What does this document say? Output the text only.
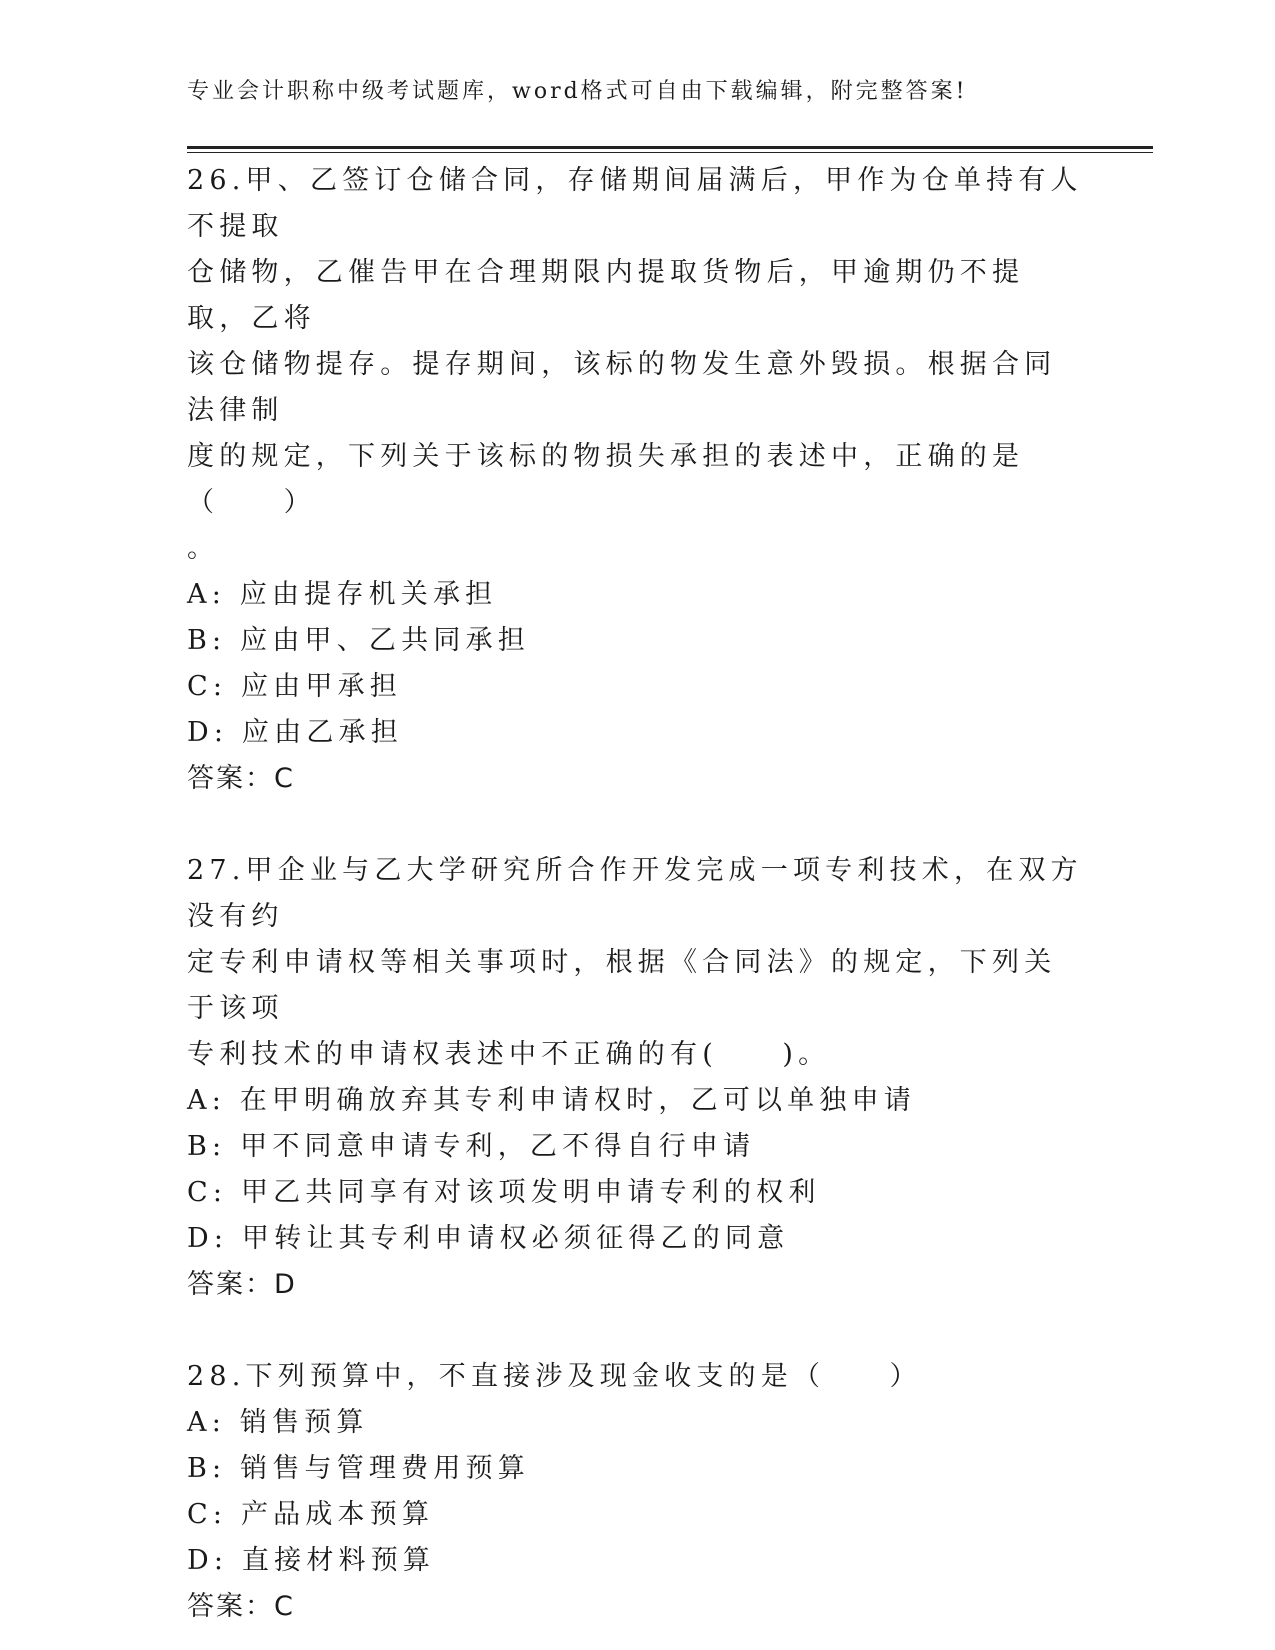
专业会计职称中级考试题库，word格式可自由下载编辑，附完整答案!

26.甲、乙签订仓储合同，存储期间届满后，甲作为仓单持有人不提取

仓储物，乙催告甲在合理期限内提取货物后，甲逾期仍不提取，乙将

该仓储物提存。提存期间，该标的物发生意外毁损。根据合同法律制

度的规定，下列关于该标的物损失承担的表述中，正确的是（　　）

。

A: 应由提存机关承担

B: 应由甲、乙共同承担

C: 应由甲承担

D: 应由乙承担

答案：C

27.甲企业与乙大学研究所合作开发完成一项专利技术，在双方没有约

定专利申请权等相关事项时，根据《合同法》的规定，下列关于该项

专利技术的申请权表述中不正确的有(　　)。

A: 在甲明确放弃其专利申请权时，乙可以单独申请

B: 甲不同意申请专利，乙不得自行申请

C: 甲乙共同享有对该项发明申请专利的权利

D: 甲转让其专利申请权必须征得乙的同意

答案：D

28.下列预算中，不直接涉及现金收支的是（　　）

A: 销售预算

B: 销售与管理费用预算

C: 产品成本预算

D: 直接材料预算

答案：C
